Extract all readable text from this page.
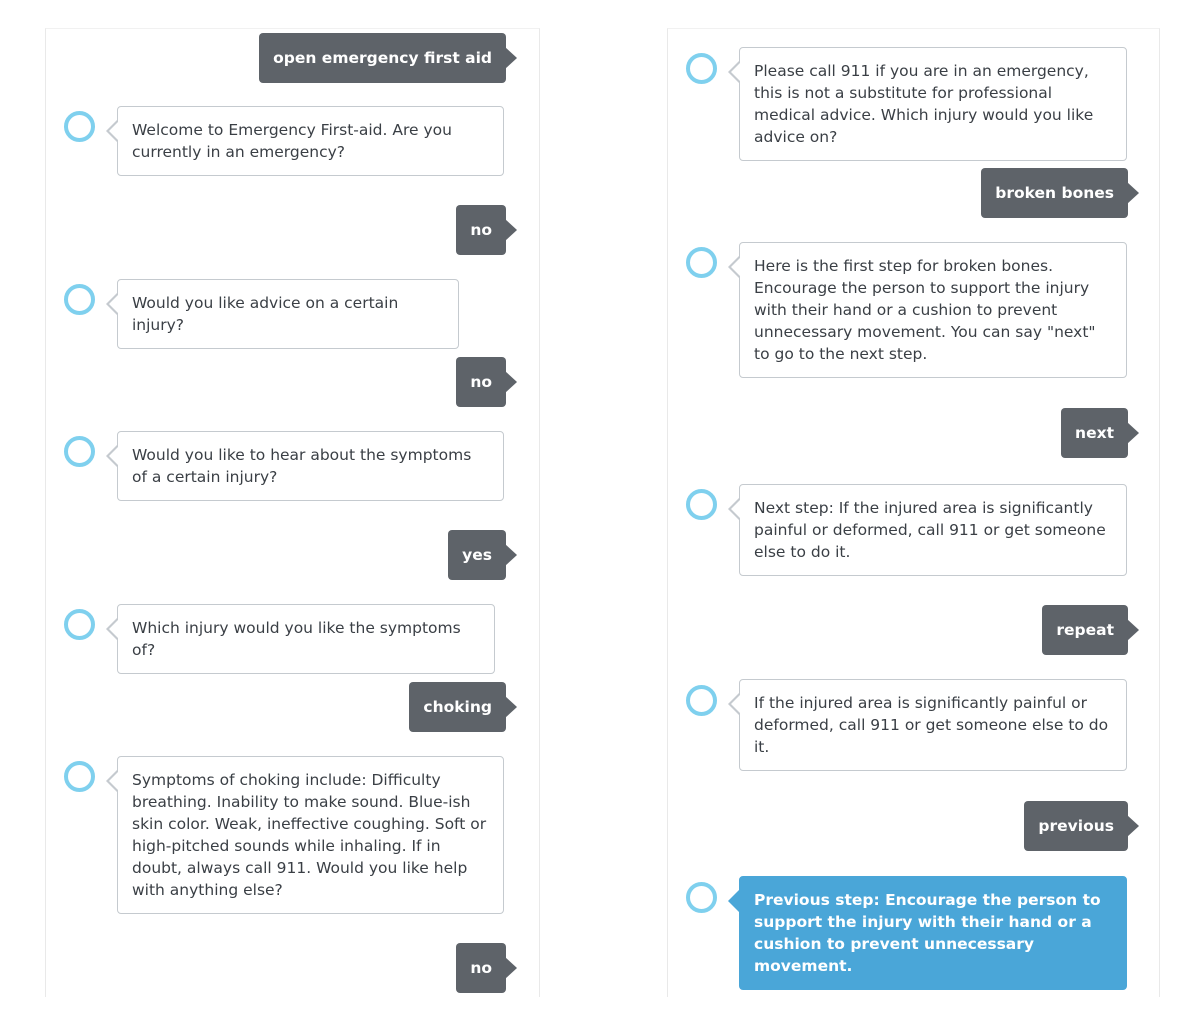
open emergency first aid
Welcome to Emergency First-aid. Are you currently in an emergency?
no
Would you like advice on a certain injury?
no
Would you like to hear about the symptoms of a certain injury?
yes
Which injury would you like the symptoms of?
choking
Symptoms of choking include: Difficulty breathing. Inability to make sound. Blue-ish skin color. Weak, ineffective coughing. Soft or high-pitched sounds while inhaling. If in doubt, always call 911. Would you like help with anything else?
no
Please call 911 if you are in an emergency, this is not a substitute for professional medical advice. Which injury would you like advice on?
broken bones
Here is the first step for broken bones. Encourage the person to support the injury with their hand or a cushion to prevent unnecessary movement. You can say "next" to go to the next step.
next
Next step: If the injured area is significantly painful or deformed, call 911 or get someone else to do it.
repeat
If the injured area is significantly painful or deformed, call 911 or get someone else to do it.
previous
Previous step: Encourage the person to support the injury with their hand or a cushion to prevent unnecessary movement.
